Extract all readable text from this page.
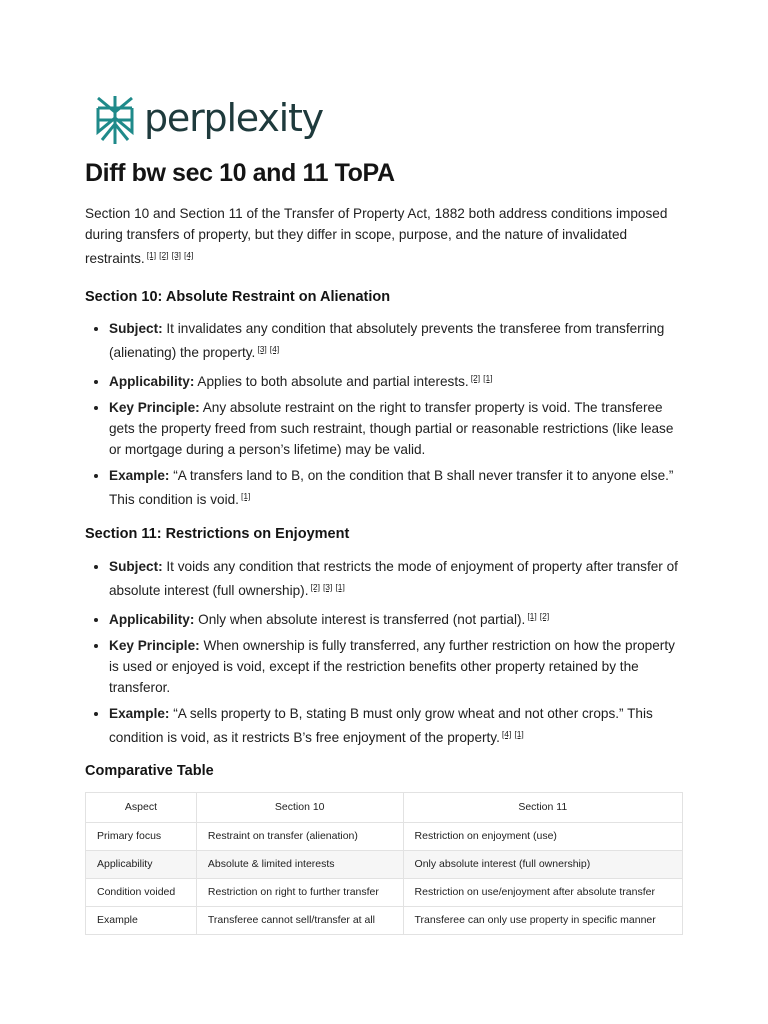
perplexity
Diff bw sec 10 and 11 ToPA

Section 10 and Section 11 of the Transfer of Property Act, 1882 both address conditions imposed during transfers of property, but they differ in scope, purpose, and the nature of invalidated restraints. [1] [2] [3] [4]

Section 10: Absolute Restraint on Alienation
• Subject: It invalidates any condition that absolutely prevents the transferee from transferring (alienating) the property. [3] [4]
• Applicability: Applies to both absolute and partial interests. [2] [1]
• Key Principle: Any absolute restraint on the right to transfer property is void. The transferee gets the property freed from such restraint, though partial or reasonable restrictions (like lease or mortgage during a person’s lifetime) may be valid.
• Example: “A transfers land to B, on the condition that B shall never transfer it to anyone else.” This condition is void. [1]
Section 11: Restrictions on Enjoyment
• Subject: It voids any condition that restricts the mode of enjoyment of property after transfer of absolute interest (full ownership). [2] [3] [1]
• Applicability: Only when absolute interest is transferred (not partial). [1] [2]
• Key Principle: When ownership is fully transferred, any further restriction on how the property is used or enjoyed is void, except if the restriction benefits other property retained by the transferor.
• Example: “A sells property to B, stating B must only grow wheat and not other crops.” This condition is void, as it restricts B’s free enjoyment of the property. [4] [1]
Comparative Table
Aspect	Section 10	Section 11
Primary focus	Restraint on transfer (alienation)	Restriction on enjoyment (use)
Applicability	Absolute & limited interests	Only absolute interest (full ownership)
Condition voided	Restriction on right to further transfer	Restriction on use/enjoyment after absolute transfer
Example	Transferee cannot sell/transfer at all	Transferee can only use property in specific manner
